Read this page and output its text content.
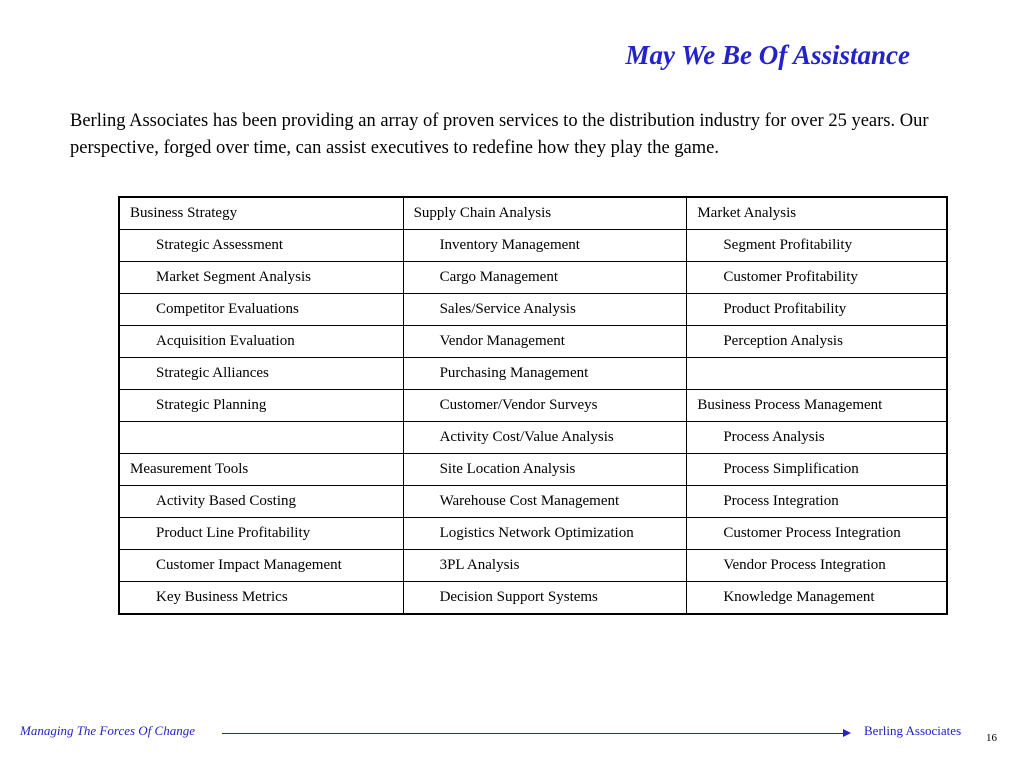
May We Be Of Assistance
Berling Associates has been providing an array of proven services to the distribution industry for over 25 years. Our perspective, forged over time, can assist executives to redefine how they play the game.
Business Strategy	Supply Chain Analysis	Market Analysis
Strategic Assessment	Inventory Management	Segment Profitability
Market Segment Analysis	Cargo Management	Customer Profitability
Competitor Evaluations	Sales/Service Analysis	Product Profitability
Acquisition Evaluation	Vendor Management	Perception Analysis
Strategic Alliances	Purchasing Management	
Strategic Planning	Customer/Vendor Surveys	Business Process Management
	Activity Cost/Value Analysis	Process Analysis
Measurement Tools	Site Location Analysis	Process Simplification
Activity Based Costing	Warehouse Cost Management	Process Integration
Product Line Profitability	Logistics Network Optimization	Customer Process Integration
Customer Impact Management	3PL Analysis	Vendor Process Integration
Key Business Metrics	Decision Support Systems	Knowledge Management
Managing The Forces Of Change	Berling Associates 16
